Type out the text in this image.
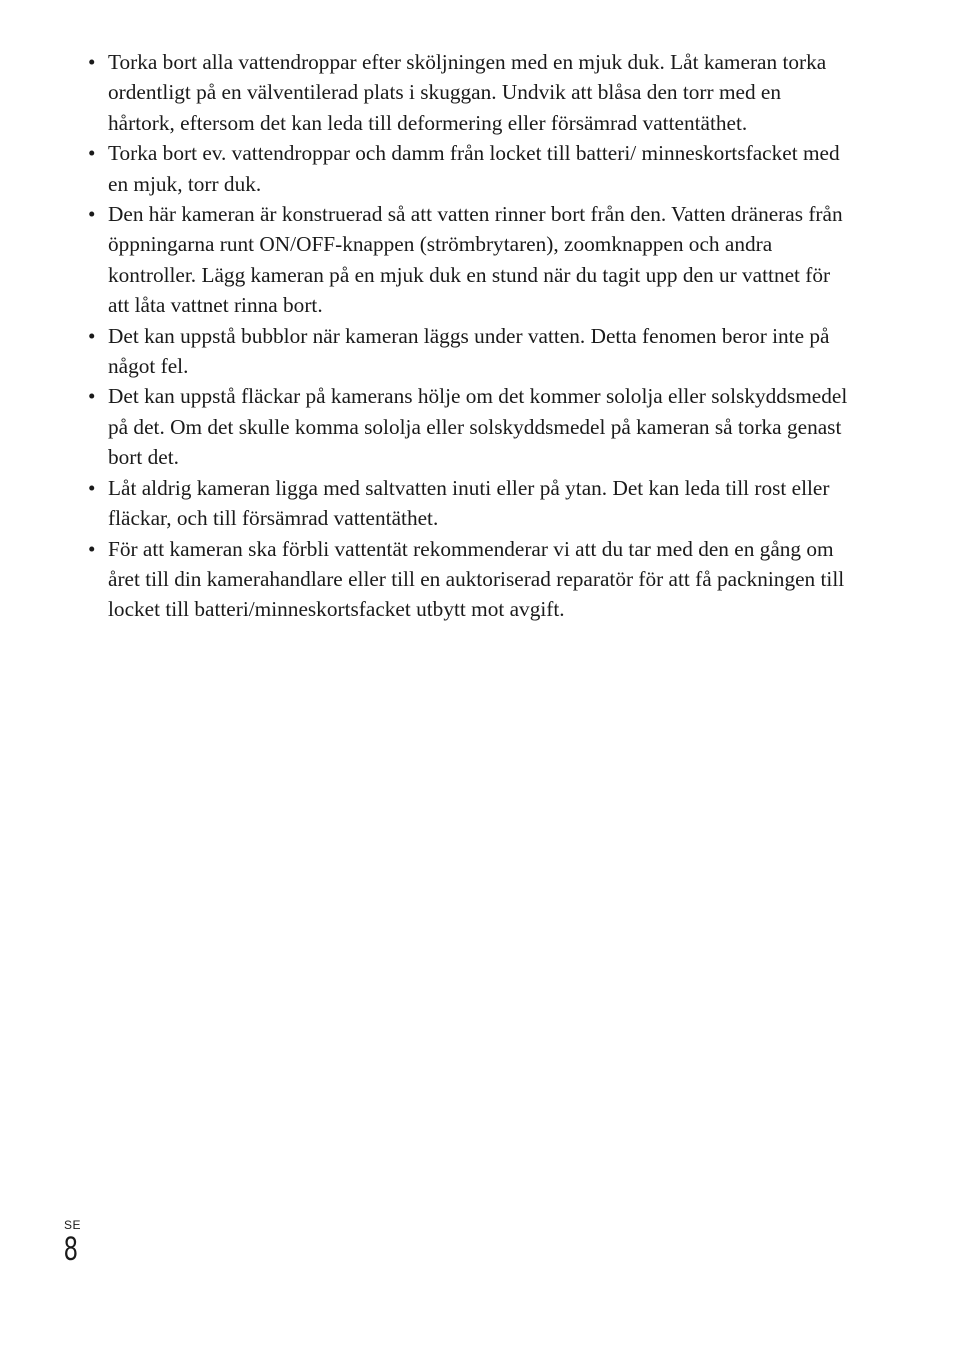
• Torka bort alla vattendroppar efter sköljningen med en mjuk duk. Låt kameran torka ordentligt på en välventilerad plats i skuggan. Undvik att blåsa den torr med en hårtork, eftersom det kan leda till deformering eller försämrad vattentäthet.
• Torka bort ev. vattendroppar och damm från locket till batteri/ minneskortsfacket med en mjuk, torr duk.
• Den här kameran är konstruerad så att vatten rinner bort från den. Vatten dräneras från öppningarna runt ON/OFF-knappen (strömbrytaren), zoomknappen och andra kontroller. Lägg kameran på en mjuk duk en stund när du tagit upp den ur vattnet för att låta vattnet rinna bort.
• Det kan uppstå bubblor när kameran läggs under vatten. Detta fenomen beror inte på något fel.
• Det kan uppstå fläckar på kamerans hölje om det kommer sololja eller solskyddsmedel på det. Om det skulle komma sololja eller solskyddsmedel på kameran så torka genast bort det.
• Låt aldrig kameran ligga med saltvatten inuti eller på ytan. Det kan leda till rost eller fläckar, och till försämrad vattentäthet.
• För att kameran ska förbli vattentät rekommenderar vi att du tar med den en gång om året till din kamerahandlare eller till en auktoriserad reparatör för att få packningen till locket till batteri/minneskortsfacket utbytt mot avgift.
SE
8
